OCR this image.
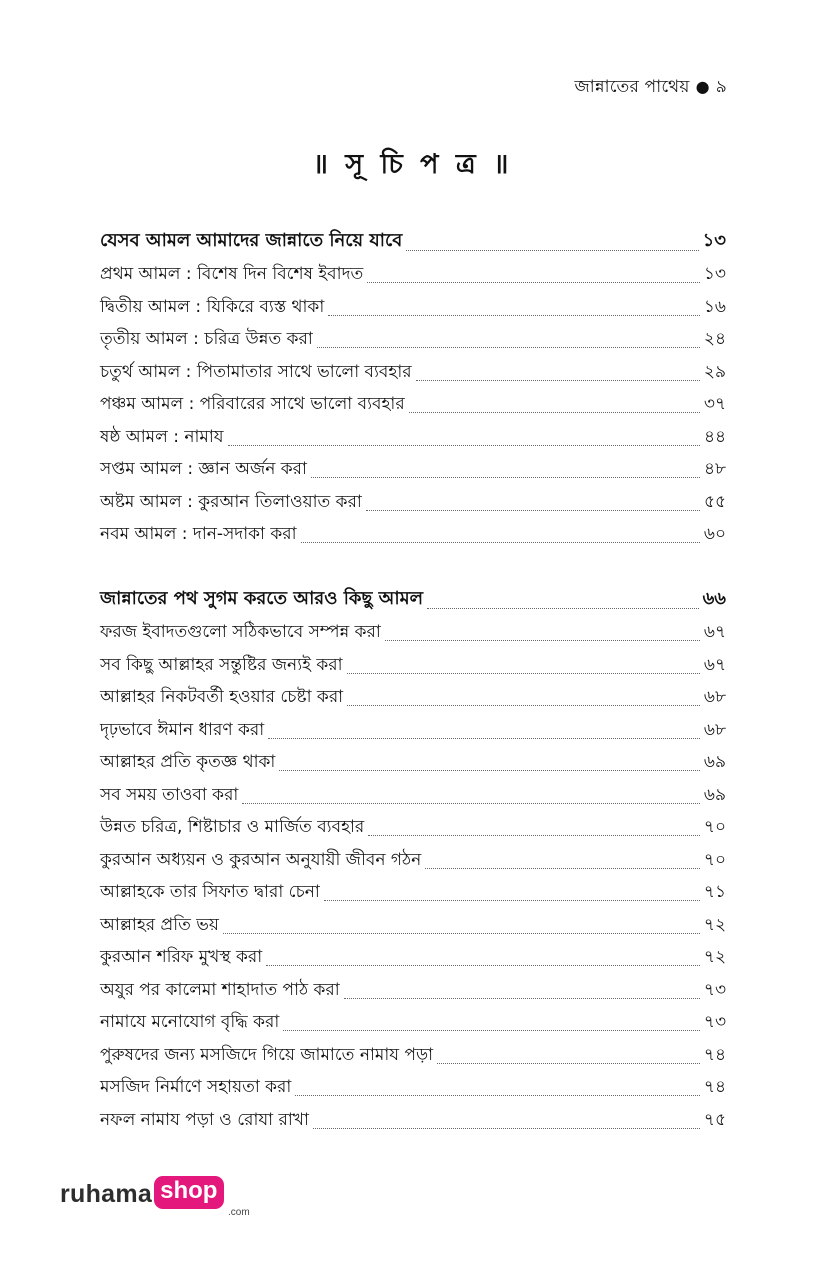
জান্নাতের পাথেয় ● ৯
॥ সূ চি প ত্র ॥
যেসব আমল আমাদের জান্নাতে নিয়ে যাবে	১৩
প্রথম আমল : বিশেষ দিন বিশেষ ইবাদত	১৩
দ্বিতীয় আমল : যিকিরে ব্যস্ত থাকা	১৬
তৃতীয় আমল : চরিত্র উন্নত করা	২৪
চতুর্থ আমল : পিতামাতার সাথে ভালো ব্যবহার	২৯
পঞ্চম আমল : পরিবারের সাথে ভালো ব্যবহার	৩৭
ষষ্ঠ আমল : নামায	৪৪
সপ্তম আমল : জ্ঞান অর্জন করা	৪৮
অষ্টম আমল : কুরআন তিলাওয়াত করা	৫৫
নবম আমল : দান-সদাকা করা	৬০
জান্নাতের পথ সুগম করতে আরও কিছু আমল	৬৬
ফরজ ইবাদতগুলো সঠিকভাবে সম্পন্ন করা	৬৭
সব কিছু আল্লাহর সন্তুষ্টির জন্যই করা	৬৭
আল্লাহর নিকটবর্তী হওয়ার চেষ্টা করা	৬৮
দৃঢ়ভাবে ঈমান ধারণ করা	৬৮
আল্লাহর প্রতি কৃতজ্ঞ থাকা	৬৯
সব সময় তাওবা করা	৬৯
উন্নত চরিত্র, শিষ্টাচার ও মার্জিত ব্যবহার	৭০
কুরআন অধ্যয়ন ও কুরআন অনুযায়ী জীবন গঠন	৭০
আল্লাহকে তার সিফাত দ্বারা চেনা	৭১
আল্লাহর প্রতি ভয়	৭২
কুরআন শরিফ মুখস্থ করা	৭২
অযুর পর কালেমা শাহাদাত পাঠ করা	৭৩
নামাযে মনোযোগ বৃদ্ধি করা	৭৩
পুরুষদের জন্য মসজিদে গিয়ে জামাতে নামায পড়া	৭৪
মসজিদ নির্মাণে সহায়তা করা	৭৪
নফল নামায পড়া ও রোযা রাখা	৭৫
ruhama shop
.com
